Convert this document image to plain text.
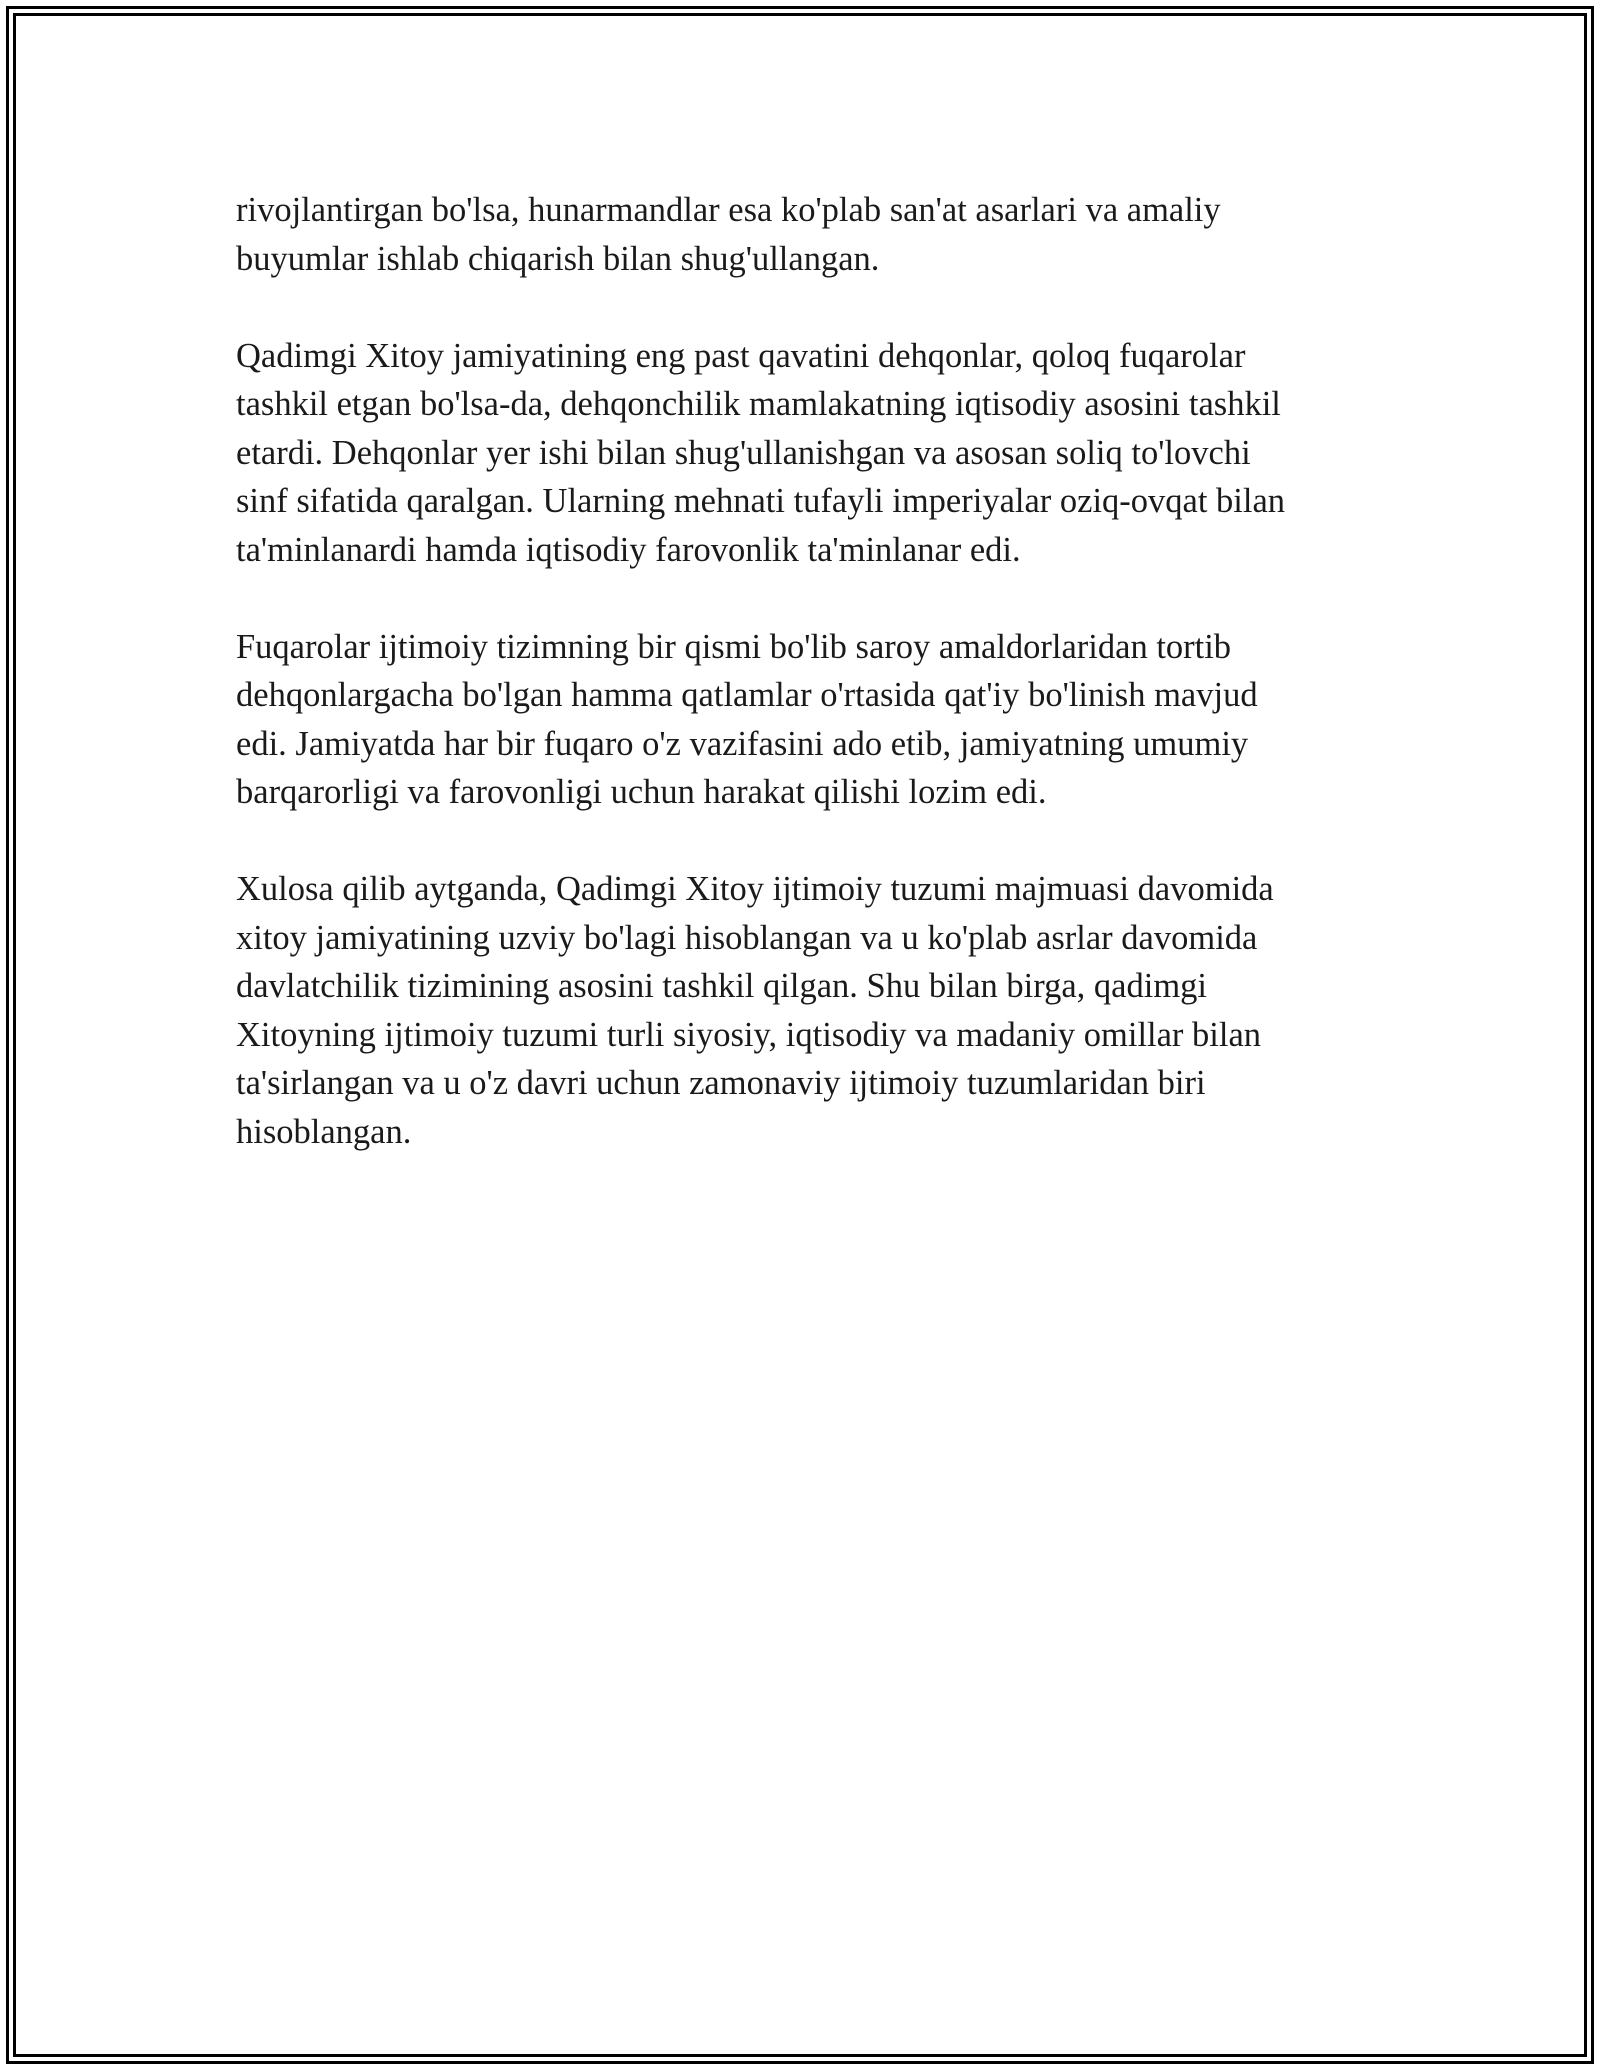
rivojlantirgan bo'lsa, hunarmandlar esa ko'plab san'at asarlari va amaliy
buyumlar ishlab chiqarish bilan shug'ullangan.

Qadimgi Xitoy jamiyatining eng past qavatini dehqonlar, qoloq fuqarolar
tashkil etgan bo'lsa-da, dehqonchilik mamlakatning iqtisodiy asosini tashkil
etardi. Dehqonlar yer ishi bilan shug'ullanishgan va asosan soliq to'lovchi
sinf sifatida qaralgan. Ularning mehnati tufayli imperiyalar oziq-ovqat bilan
ta'minlanardi hamda iqtisodiy farovonlik ta'minlanar edi.

Fuqarolar ijtimoiy tizimning bir qismi bo'lib saroy amaldorlaridan tortib
dehqonlargacha bo'lgan hamma qatlamlar o'rtasida qat'iy bo'linish mavjud
edi. Jamiyatda har bir fuqaro o'z vazifasini ado etib, jamiyatning umumiy
barqarorligi va farovonligi uchun harakat qilishi lozim edi.

Xulosa qilib aytganda, Qadimgi Xitoy ijtimoiy tuzumi majmuasi davomida
xitoy jamiyatining uzviy bo'lagi hisoblangan va u ko'plab asrlar davomida
davlatchilik tizimining asosini tashkil qilgan. Shu bilan birga, qadimgi
Xitoyning ijtimoiy tuzumi turli siyosiy, iqtisodiy va madaniy omillar bilan
ta'sirlangan va u o'z davri uchun zamonaviy ijtimoiy tuzumlaridan biri
hisoblangan.
